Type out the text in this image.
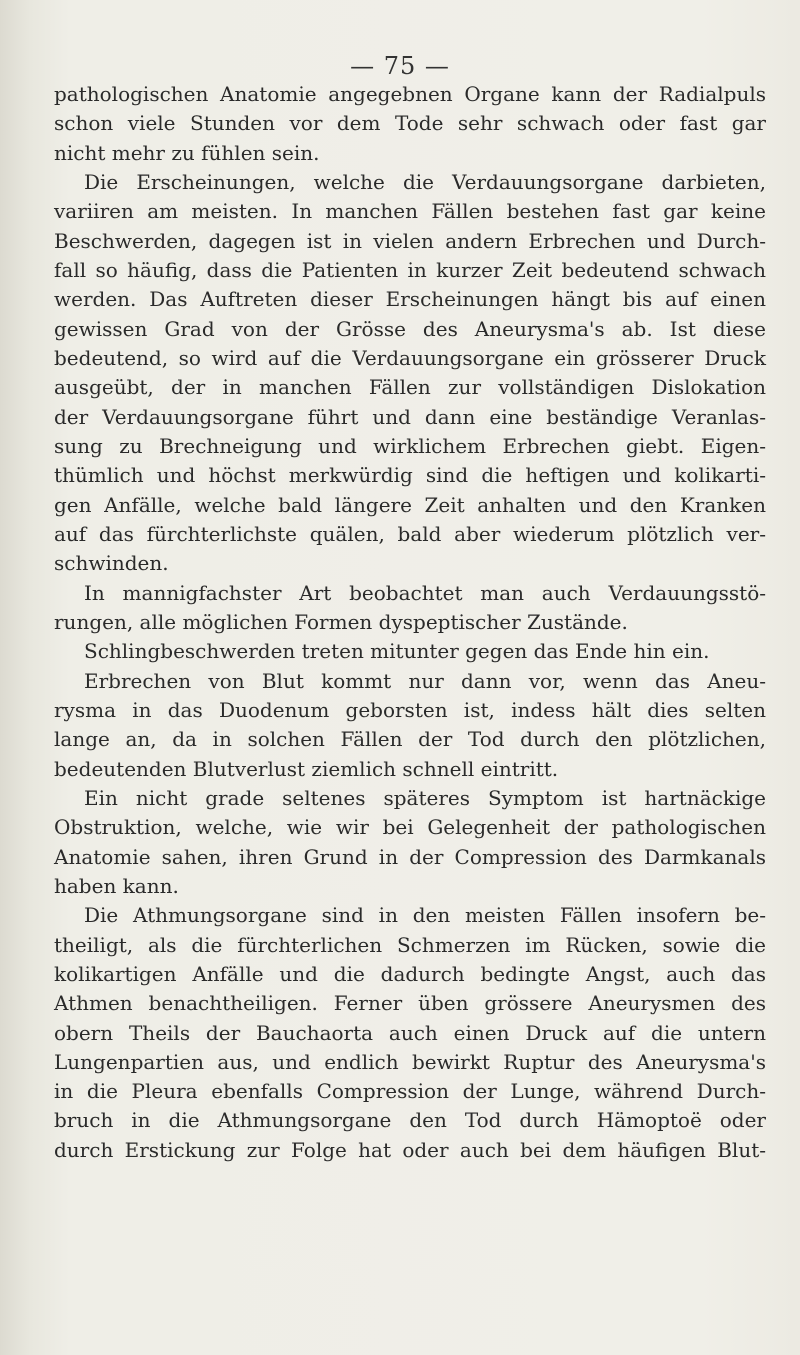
— 75 —
pathologischen Anatomie angegebnen Organe kann der Radialpuls
schon viele Stunden vor dem Tode sehr schwach oder fast gar
nicht mehr zu fühlen sein.
Die Erscheinungen, welche die Verdauungsorgane darbieten,
variiren am meisten. In manchen Fällen bestehen fast gar keine
Beschwerden, dagegen ist in vielen andern Erbrechen und Durch-
fall so häufig, dass die Patienten in kurzer Zeit bedeutend schwach
werden. Das Auftreten dieser Erscheinungen hängt bis auf einen
gewissen Grad von der Grösse des Aneurysma's ab. Ist diese
bedeutend, so wird auf die Verdauungsorgane ein grösserer Druck
ausgeübt, der in manchen Fällen zur vollständigen Dislokation
der Verdauungsorgane führt und dann eine beständige Veranlas-
sung zu Brechneigung und wirklichem Erbrechen giebt. Eigen-
thümlich und höchst merkwürdig sind die heftigen und kolikarti-
gen Anfälle, welche bald längere Zeit anhalten und den Kranken
auf das fürchterlichste quälen, bald aber wiederum plötzlich ver-
schwinden.
In mannigfachster Art beobachtet man auch Verdauungsstö-
rungen, alle möglichen Formen dyspeptischer Zustände.
Schlingbeschwerden treten mitunter gegen das Ende hin ein.
Erbrechen von Blut kommt nur dann vor, wenn das Aneu-
rysma in das Duodenum geborsten ist, indess hält dies selten
lange an, da in solchen Fällen der Tod durch den plötzlichen,
bedeutenden Blutverlust ziemlich schnell eintritt.
Ein nicht grade seltenes späteres Symptom ist hartnäckige
Obstruktion, welche, wie wir bei Gelegenheit der pathologischen
Anatomie sahen, ihren Grund in der Compression des Darmkanals
haben kann.
Die Athmungsorgane sind in den meisten Fällen insofern be-
theiligt, als die fürchterlichen Schmerzen im Rücken, sowie die
kolikartigen Anfälle und die dadurch bedingte Angst, auch das
Athmen benachtheiligen. Ferner üben grössere Aneurysmen des
obern Theils der Bauchaorta auch einen Druck auf die untern
Lungenpartien aus, und endlich bewirkt Ruptur des Aneurysma's
in die Pleura ebenfalls Compression der Lunge, während Durch-
bruch in die Athmungsorgane den Tod durch Hämoptoë oder
durch Erstickung zur Folge hat oder auch bei dem häufigen Blut-
